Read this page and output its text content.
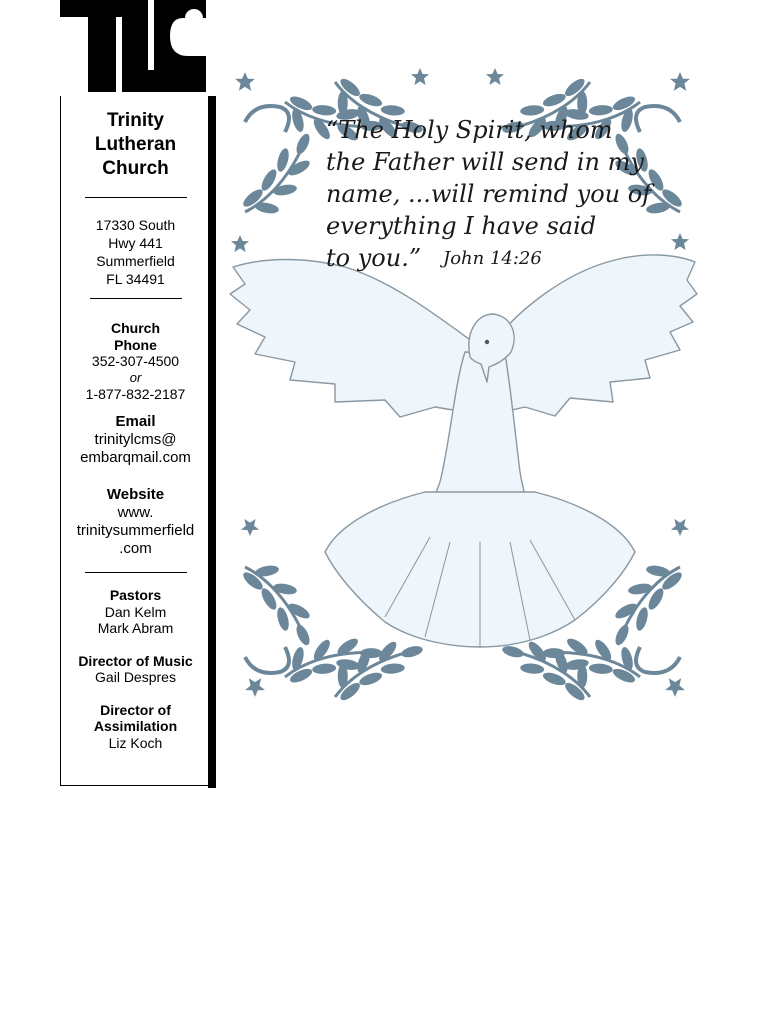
Trinity
Lutheran
Church
17330 South
Hwy 441
Summerfield
FL 34491
Church
Phone
352-307-4500
or
1-877-832-2187
Email
trinitylcms@
embarqmail.com
Website
www.
trinitysummerfield
.com
Pastors
Dan Kelm
Mark Abram
Director of Music
Gail Despres
Director of
Assimilation
Liz Koch
“The Holy Spirit, whom
the Father will send in my
name, ...will remind you of
everything I have said
to you.” John 14:26
